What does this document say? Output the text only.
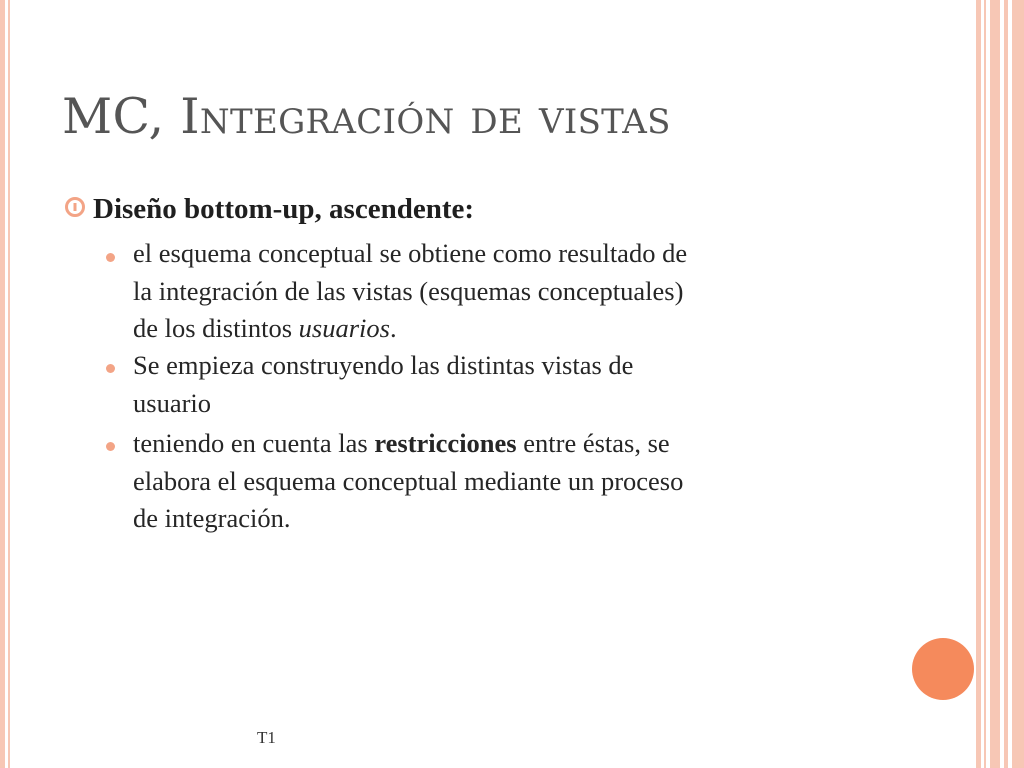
MC, Integración de vistas

Diseño bottom-up, ascendente:

el esquema conceptual se obtiene como resultado de
la integración de las vistas (esquemas conceptuales)
de los distintos usuarios.
Se empieza construyendo las distintas vistas de
usuario
teniendo en cuenta las restricciones entre éstas, se
elabora el esquema conceptual mediante un proceso
de integración.
T1
